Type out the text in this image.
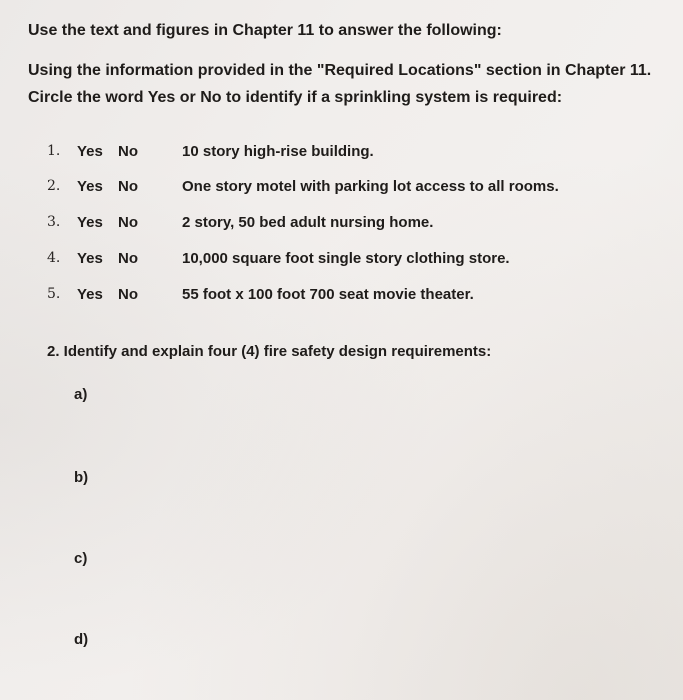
Use the text and figures in Chapter 11 to answer the following:
Using the information provided in the "Required Locations" section in Chapter 11.
Circle the word Yes or No to identify if a sprinkling system is required:
1. Yes No	10 story high-rise building.
2. Yes No	One story motel with parking lot access to all rooms.
3. Yes No	2 story, 50 bed adult nursing home.
4. Yes No	10,000 square foot single story clothing store.
5. Yes No	55 foot x 100 foot 700 seat movie theater.
2. Identify and explain four (4) fire safety design requirements:
a)
b)
c)
d)
